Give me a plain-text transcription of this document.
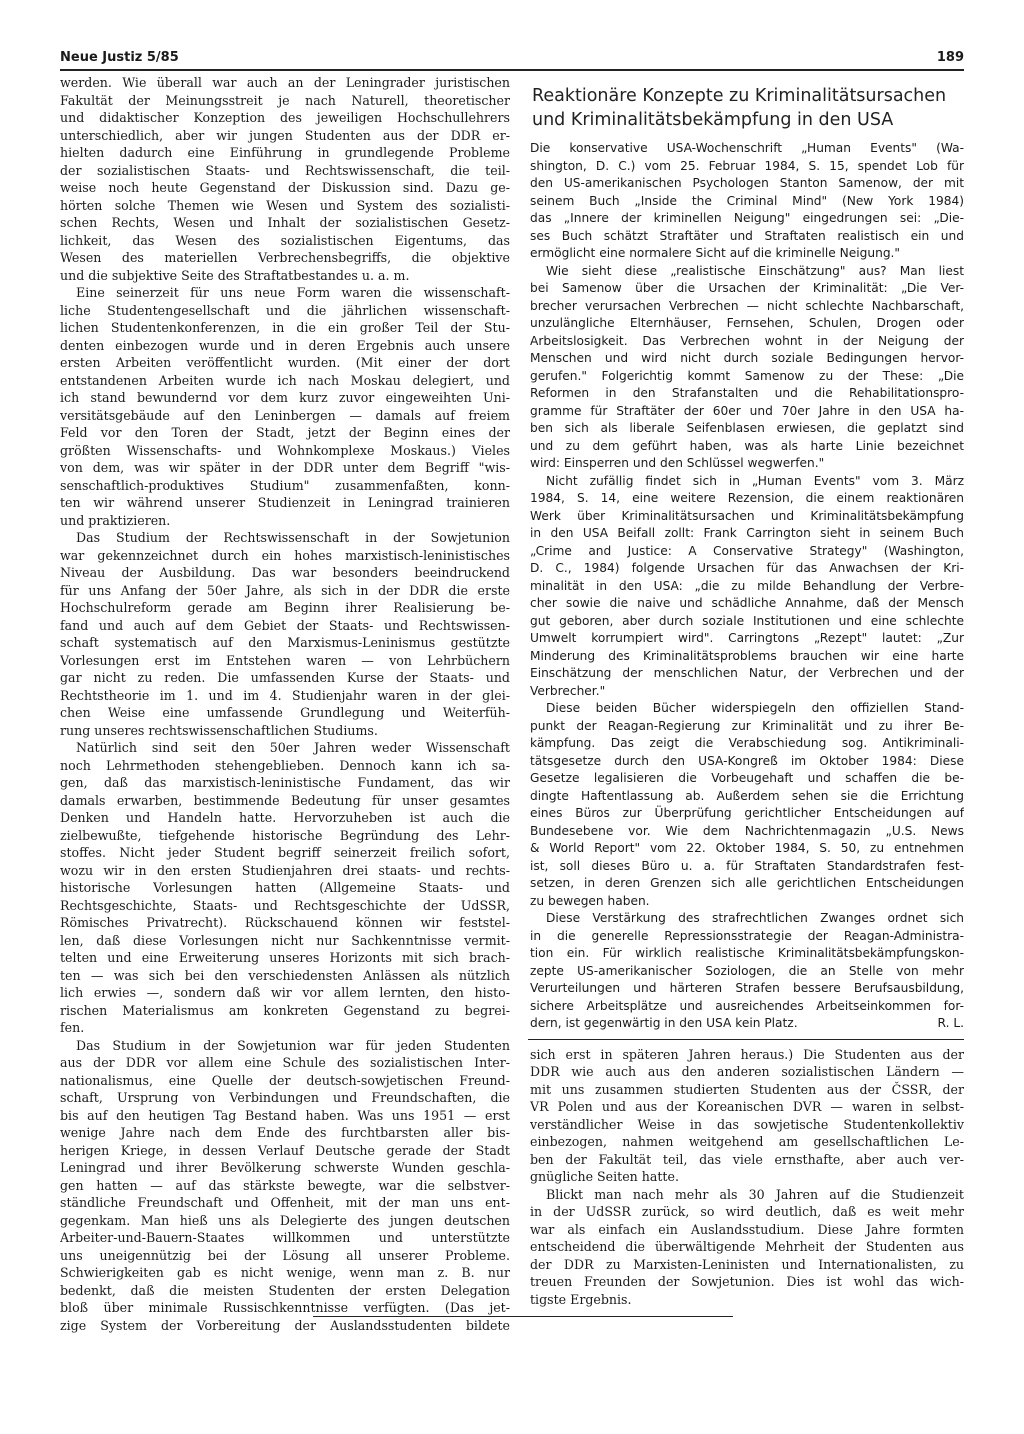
Neue Justiz 5/85	189
werden. Wie überall war auch an der Leningrader juristischen
Fakultät der Meinungsstreit je nach Naturell, theoretischer
und didaktischer Konzeption des jeweiligen Hochschullehrers
unterschiedlich, aber wir jungen Studenten aus der DDR er-
hielten dadurch eine Einführung in grundlegende Probleme
der sozialistischen Staats- und Rechtswissenschaft, die teil-
weise noch heute Gegenstand der Diskussion sind. Dazu ge-
hörten solche Themen wie Wesen und System des sozialisti-
schen Rechts, Wesen und Inhalt der sozialistischen Gesetz-
lichkeit, das Wesen des sozialistischen Eigentums, das
Wesen des materiellen Verbrechensbegriffs, die objektive
und die subjektive Seite des Straftatbestandes u. a. m.
Eine seinerzeit für uns neue Form waren die wissenschaft-
liche Studentengesellschaft und die jährlichen wissenschaft-
lichen Studentenkonferenzen, in die ein großer Teil der Stu-
denten einbezogen wurde und in deren Ergebnis auch unsere
ersten Arbeiten veröffentlicht wurden. (Mit einer der dort
entstandenen Arbeiten wurde ich nach Moskau delegiert, und
ich stand bewundernd vor dem kurz zuvor eingeweihten Uni-
versitätsgebäude auf den Leninbergen — damals auf freiem
Feld vor den Toren der Stadt, jetzt der Beginn eines der
größten Wissenschafts- und Wohnkomplexe Moskaus.) Vieles
von dem, was wir später in der DDR unter dem Begriff "wis-
senschaftlich-produktives Studium" zusammenfaßten, konn-
ten wir während unserer Studienzeit in Leningrad trainieren
und praktizieren.
Das Studium der Rechtswissenschaft in der Sowjetunion
war gekennzeichnet durch ein hohes marxistisch-leninistisches
Niveau der Ausbildung. Das war besonders beeindruckend
für uns Anfang der 50er Jahre, als sich in der DDR die erste
Hochschulreform gerade am Beginn ihrer Realisierung be-
fand und auch auf dem Gebiet der Staats- und Rechtswissen-
schaft systematisch auf den Marxismus-Leninismus gestützte
Vorlesungen erst im Entstehen waren — von Lehrbüchern
gar nicht zu reden. Die umfassenden Kurse der Staats- und
Rechtstheorie im 1. und im 4. Studienjahr waren in der glei-
chen Weise eine umfassende Grundlegung und Weiterfüh-
rung unseres rechtswissenschaftlichen Studiums.
Natürlich sind seit den 50er Jahren weder Wissenschaft
noch Lehrmethoden stehengeblieben. Dennoch kann ich sa-
gen, daß das marxistisch-leninistische Fundament, das wir
damals erwarben, bestimmende Bedeutung für unser gesamtes
Denken und Handeln hatte. Hervorzuheben ist auch die
zielbewußte, tiefgehende historische Begründung des Lehr-
stoffes. Nicht jeder Student begriff seinerzeit freilich sofort,
wozu wir in den ersten Studienjahren drei staats- und rechts-
historische Vorlesungen hatten (Allgemeine Staats- und
Rechtsgeschichte, Staats- und Rechtsgeschichte der UdSSR,
Römisches Privatrecht). Rückschauend können wir feststel-
len, daß diese Vorlesungen nicht nur Sachkenntnisse vermit-
telten und eine Erweiterung unseres Horizonts mit sich brach-
ten — was sich bei den verschiedensten Anlässen als nützlich
lich erwies —, sondern daß wir vor allem lernten, den histo-
rischen Materialismus am konkreten Gegenstand zu begrei-
fen.
Das Studium in der Sowjetunion war für jeden Studenten
aus der DDR vor allem eine Schule des sozialistischen Inter-
nationalismus, eine Quelle der deutsch-sowjetischen Freund-
schaft, Ursprung von Verbindungen und Freundschaften, die
bis auf den heutigen Tag Bestand haben. Was uns 1951 — erst
wenige Jahre nach dem Ende des furchtbarsten aller bis-
herigen Kriege, in dessen Verlauf Deutsche gerade der Stadt
Leningrad und ihrer Bevölkerung schwerste Wunden geschla-
gen hatten — auf das stärkste bewegte, war die selbstver-
ständliche Freundschaft und Offenheit, mit der man uns ent-
gegenkam. Man hieß uns als Delegierte des jungen deutschen
Arbeiter-und-Bauern-Staates willkommen und unterstützte
uns uneigennützig bei der Lösung all unserer Probleme.
Schwierigkeiten gab es nicht wenige, wenn man z. B. nur
bedenkt, daß die meisten Studenten der ersten Delegation
bloß über minimale Russischkenntnisse verfügten. (Das jet-
zige System der Vorbereitung der Auslandsstudenten bildete
Reaktionäre Konzepte zu Kriminalitätsursachen
und Kriminalitätsbekämpfung in den USA
Die konservative USA-Wochenschrift „Human Events" (Wa-
shington, D. C.) vom 25. Februar 1984, S. 15, spendet Lob für
den US-amerikanischen Psychologen Stanton Samenow, der mit
seinem Buch „Inside the Criminal Mind" (New York 1984)
das „Innere der kriminellen Neigung" eingedrungen sei: „Die-
ses Buch schätzt Straftäter und Straftaten realistisch ein und
ermöglicht eine normalere Sicht auf die kriminelle Neigung."
Wie sieht diese „realistische Einschätzung" aus? Man liest
bei Samenow über die Ursachen der Kriminalität: „Die Ver-
brecher verursachen Verbrechen — nicht schlechte Nachbarschaft,
unzulängliche Elternhäuser, Fernsehen, Schulen, Drogen oder
Arbeitslosigkeit. Das Verbrechen wohnt in der Neigung der
Menschen und wird nicht durch soziale Bedingungen hervor-
gerufen." Folgerichtig kommt Samenow zu der These: „Die
Reformen in den Strafanstalten und die Rehabilitationspro-
gramme für Straftäter der 60er und 70er Jahre in den USA ha-
ben sich als liberale Seifenblasen erwiesen, die geplatzt sind
und zu dem geführt haben, was als harte Linie bezeichnet
wird: Einsperren und den Schlüssel wegwerfen."
Nicht zufällig findet sich in „Human Events" vom 3. März
1984, S. 14, eine weitere Rezension, die einem reaktionären
Werk über Kriminalitätsursachen und Kriminalitätsbekämpfung
in den USA Beifall zollt: Frank Carrington sieht in seinem Buch
„Crime and Justice: A Conservative Strategy" (Washington,
D. C., 1984) folgende Ursachen für das Anwachsen der Kri-
minalität in den USA: „die zu milde Behandlung der Verbre-
cher sowie die naive und schädliche Annahme, daß der Mensch
gut geboren, aber durch soziale Institutionen und eine schlechte
Umwelt korrumpiert wird". Carringtons „Rezept" lautet: „Zur
Minderung des Kriminalitätsproblems brauchen wir eine harte
Einschätzung der menschlichen Natur, der Verbrechen und der
Verbrecher."
Diese beiden Bücher widerspiegeln den offiziellen Stand-
punkt der Reagan-Regierung zur Kriminalität und zu ihrer Be-
kämpfung. Das zeigt die Verabschiedung sog. Antikriminali-
tätsgesetze durch den USA-Kongreß im Oktober 1984: Diese
Gesetze legalisieren die Vorbeugehaft und schaffen die be-
dingte Haftentlassung ab. Außerdem sehen sie die Errichtung
eines Büros zur Überprüfung gerichtlicher Entscheidungen auf
Bundesebene vor. Wie dem Nachrichtenmagazin „U.S. News
& World Report" vom 22. Oktober 1984, S. 50, zu entnehmen
ist, soll dieses Büro u. a. für Straftaten Standardstrafen fest-
setzen, in deren Grenzen sich alle gerichtlichen Entscheidungen
zu bewegen haben.
Diese Verstärkung des strafrechtlichen Zwanges ordnet sich
in die generelle Repressionsstrategie der Reagan-Administra-
tion ein. Für wirklich realistische Kriminalitätsbekämpfungskon-
zepte US-amerikanischer Soziologen, die an Stelle von mehr
Verurteilungen und härteren Strafen bessere Berufsausbildung,
sichere Arbeitsplätze und ausreichendes Arbeitseinkommen for-
dern, ist gegenwärtig in den USA kein Platz.	R. L.
sich erst in späteren Jahren heraus.) Die Studenten aus der
DDR wie auch aus den anderen sozialistischen Ländern —
mit uns zusammen studierten Studenten aus der ČSSR, der
VR Polen und aus der Koreanischen DVR — waren in selbst-
verständlicher Weise in das sowjetische Studentenkollektiv
einbezogen, nahmen weitgehend am gesellschaftlichen Le-
ben der Fakultät teil, das viele ernsthafte, aber auch ver-
gnügliche Seiten hatte.
Blickt man nach mehr als 30 Jahren auf die Studienzeit
in der UdSSR zurück, so wird deutlich, daß es weit mehr
war als einfach ein Auslandsstudium. Diese Jahre formten
entscheidend die überwältigende Mehrheit der Studenten aus
der DDR zu Marxisten-Leninisten und Internationalisten, zu
treuen Freunden der Sowjetunion. Dies ist wohl das wich-
tigste Ergebnis.
